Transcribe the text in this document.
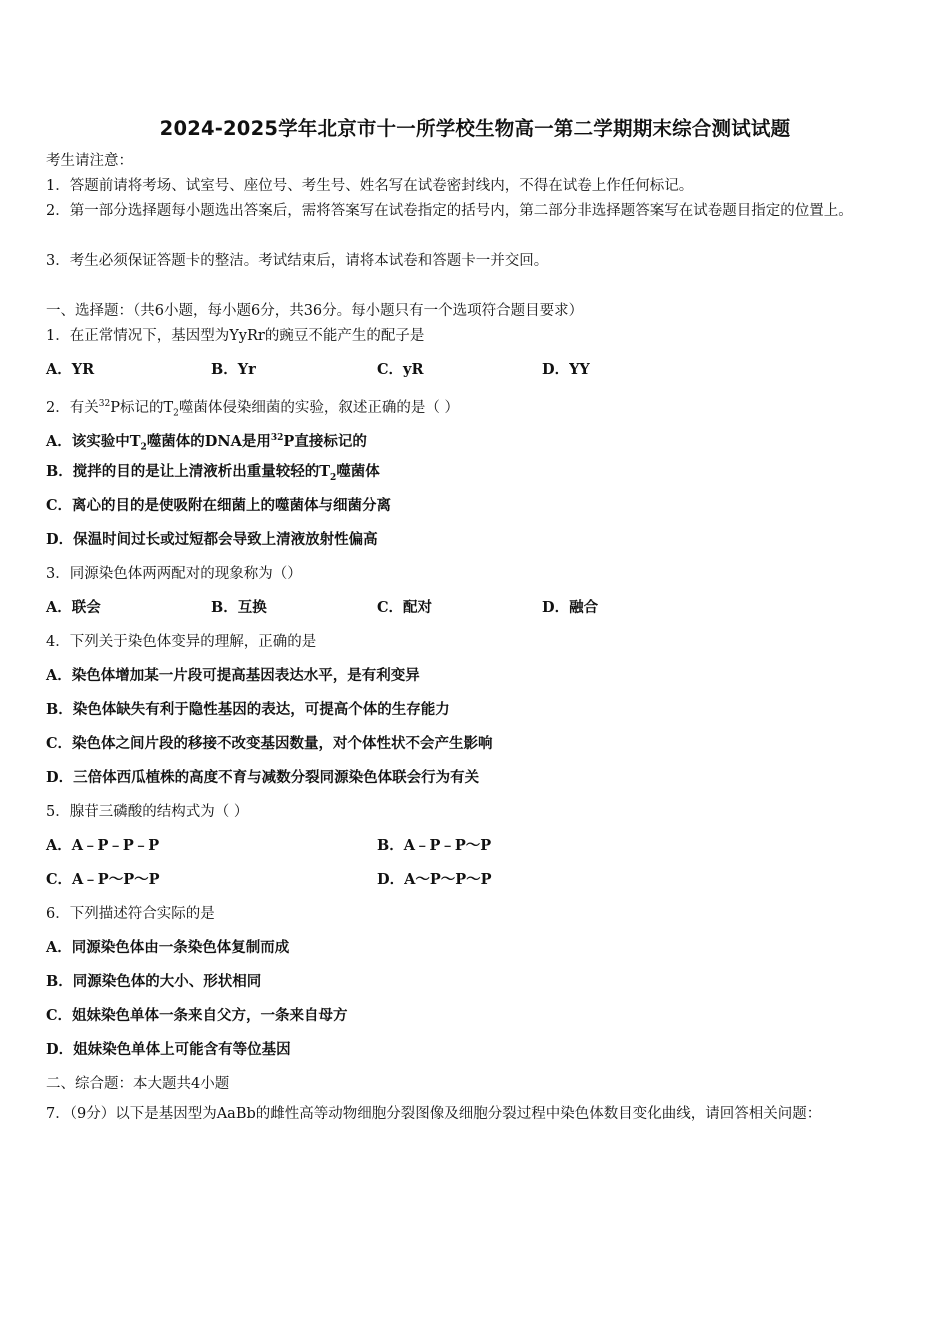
2024-2025学年北京市十一所学校生物高一第二学期期末综合测试试题
考生请注意：
1．答题前请将考场、试室号、座位号、考生号、姓名写在试卷密封线内，不得在试卷上作任何标记。
2．第一部分选择题每小题选出答案后，需将答案写在试卷指定的括号内，第二部分非选择题答案写在试卷题目指定的位置上。
3．考生必须保证答题卡的整洁。考试结束后，请将本试卷和答题卡一并交回。
一、选择题：（共6小题，每小题6分，共36分。每小题只有一个选项符合题目要求）
1．在正常情况下，基因型为YyRr的豌豆不能产生的配子是
A．YR	B．Yr	C．yR	D．YY
2．有关$^{32}$P标记的$T_2$噬菌体侵染细菌的实验，叙述正确的是（ ）
A．该实验中$T_2$噬菌体的DNA是用$^{32}$P直接标记的
B．搅拌的目的是让上清液析出重量较轻的$T_2$噬菌体
C．离心的目的是使吸附在细菌上的噬菌体与细菌分离
D．保温时间过长或过短都会导致上清液放射性偏高
3．同源染色体两两配对的现象称为（）
A．联会	B．互换	C．配对	D．融合
4．下列关于染色体变异的理解，正确的是
A．染色体增加某一片段可提高基因表达水平，是有利变异
B．染色体缺失有利于隐性基因的表达，可提高个体的生存能力
C．染色体之间片段的移接不改变基因数量，对个体性状不会产生影响
D．三倍体西瓜植株的高度不育与减数分裂同源染色体联会行为有关
5．腺苷三磷酸的结构式为（ ）
A．A﹣P﹣P﹣P	B．A﹣P﹣P～P
C．A﹣P～P～P	D．A～P～P～P
6．下列描述符合实际的是
A．同源染色体由一条染色体复制而成
B．同源染色体的大小、形状相同
C．姐妹染色单体一条来自父方，一条来自母方
D．姐妹染色单体上可能含有等位基因
二、综合题：本大题共4小题
7．（9分）以下是基因型为AaBb的雌性高等动物细胞分裂图像及细胞分裂过程中染色体数目变化曲线，请回答相关问题：
